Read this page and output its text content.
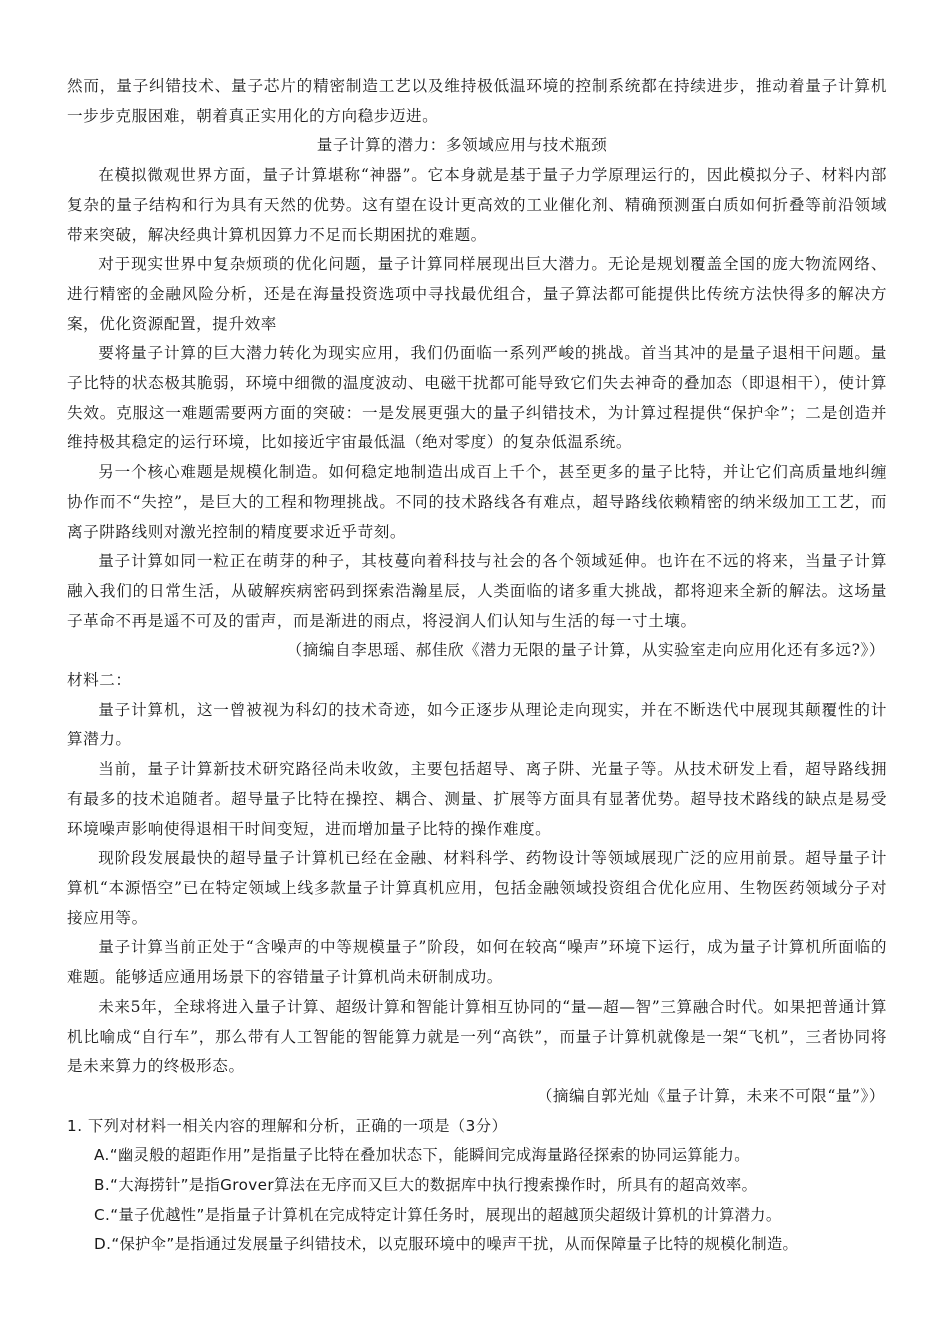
然而，量子纠错技术、量子芯片的精密制造工艺以及维持极低温环境的控制系统都在持续进步，推动着量子计算机一步步克服困难，朝着真正实用化的方向稳步迈进。

量子计算的潜力：多领域应用与技术瓶颈

在模拟微观世界方面，量子计算堪称“神器”。它本身就是基于量子力学原理运行的，因此模拟分子、材料内部复杂的量子结构和行为具有天然的优势。这有望在设计更高效的工业催化剂、精确预测蛋白质如何折叠等前沿领域带来突破，解决经典计算机因算力不足而长期困扰的难题。

对于现实世界中复杂烦琐的优化问题，量子计算同样展现出巨大潜力。无论是规划覆盖全国的庞大物流网络、进行精密的金融风险分析，还是在海量投资选项中寻找最优组合，量子算法都可能提供比传统方法快得多的解决方案，优化资源配置，提升效率

要将量子计算的巨大潜力转化为现实应用，我们仍面临一系列严峻的挑战。首当其冲的是量子退相干问题。量子比特的状态极其脆弱，环境中细微的温度波动、电磁干扰都可能导致它们失去神奇的叠加态（即退相干），使计算失效。克服这一难题需要两方面的突破：一是发展更强大的量子纠错技术，为计算过程提供“保护伞”；二是创造并维持极其稳定的运行环境，比如接近宇宙最低温（绝对零度）的复杂低温系统。

另一个核心难题是规模化制造。如何稳定地制造出成百上千个，甚至更多的量子比特，并让它们高质量地纠缠协作而不“失控”，是巨大的工程和物理挑战。不同的技术路线各有难点，超导路线依赖精密的纳米级加工工艺，而离子阱路线则对激光控制的精度要求近乎苛刻。

量子计算如同一粒正在萌芽的种子，其枝蔓向着科技与社会的各个领域延伸。也许在不远的将来，当量子计算融入我们的日常生活，从破解疾病密码到探索浩瀚星辰，人类面临的诸多重大挑战，都将迎来全新的解法。这场量子革命不再是遥不可及的雷声，而是渐进的雨点，将浸润人们认知与生活的每一寸土壤。

（摘编自李思瑶、郝佳欣《潜力无限的量子计算，从实验室走向应用化还有多远?》）

材料二：

量子计算机，这一曾被视为科幻的技术奇迹，如今正逐步从理论走向现实，并在不断迭代中展现其颠覆性的计算潜力。

当前，量子计算新技术研究路径尚未收敛，主要包括超导、离子阱、光量子等。从技术研发上看，超导路线拥有最多的技术追随者。超导量子比特在操控、耦合、测量、扩展等方面具有显著优势。超导技术路线的缺点是易受环境噪声影响使得退相干时间变短，进而增加量子比特的操作难度。

现阶段发展最快的超导量子计算机已经在金融、材料科学、药物设计等领域展现广泛的应用前景。超导量子计算机“本源悟空”已在特定领域上线多款量子计算真机应用，包括金融领域投资组合优化应用、生物医药领域分子对接应用等。

量子计算当前正处于“含噪声的中等规模量子”阶段，如何在较高“噪声”环境下运行，成为量子计算机所面临的难题。能够适应通用场景下的容错量子计算机尚未研制成功。

未来5年，全球将进入量子计算、超级计算和智能计算相互协同的“量—超—智”三算融合时代。如果把普通计算机比喻成“自行车”，那么带有人工智能的智能算力就是一列“高铁”，而量子计算机就像是一架“飞机”，三者协同将是未来算力的终极形态。

（摘编自郭光灿《量子计算，未来不可限“量”》）

1. 下列对材料一相关内容的理解和分析，正确的一项是（3分）

A.“幽灵般的超距作用”是指量子比特在叠加状态下，能瞬间完成海量路径探索的协同运算能力。

B.“大海捞针”是指Grover算法在无序而又巨大的数据库中执行搜索操作时，所具有的超高效率。

C.“量子优越性”是指量子计算机在完成特定计算任务时，展现出的超越顶尖超级计算机的计算潜力。

D.“保护伞”是指通过发展量子纠错技术，以克服环境中的噪声干扰，从而保障量子比特的规模化制造。
